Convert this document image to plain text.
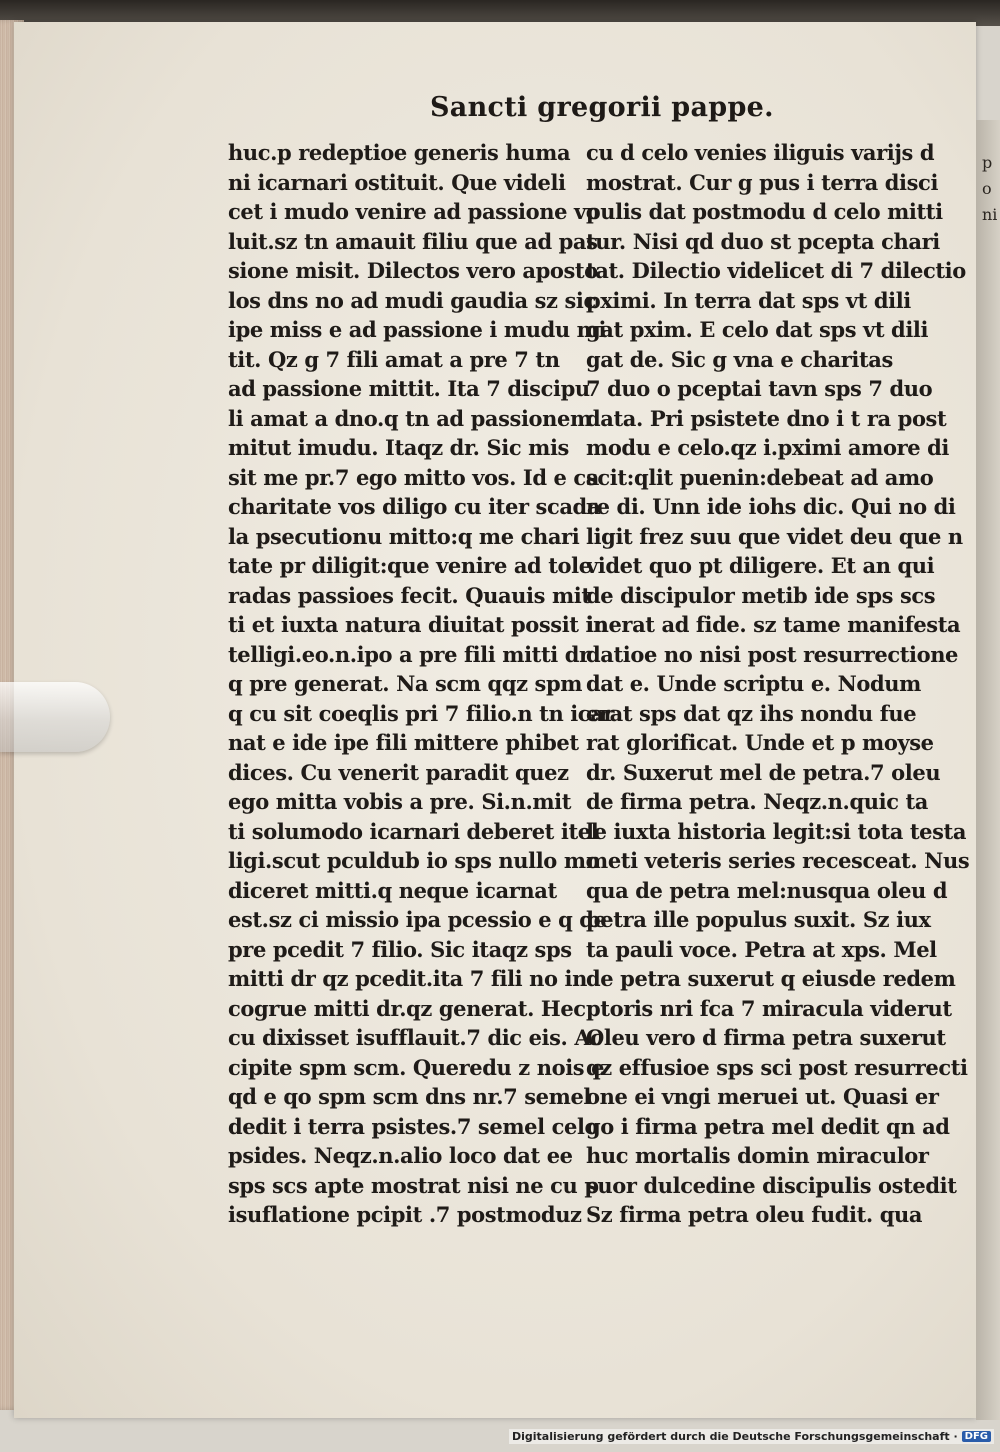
poni
Sancti gregorii pappe.
huc.p redeptioe generis huma
ni icarnari ostituit. Que videli
cet i mudo venire ad passione vo
luit.sz tn amauit filiu que ad pas
sione misit. Dilectos vero aposto
los dns no ad mudi gaudia sz sic
ipe miss e ad passione i mudu mi
tit. Qz g 7 fili amat a pre 7 tn
ad passione mittit. Ita 7 discipu
li amat a dno.q tn ad passionem
mitut imudu. Itaqz dr. Sic mis
sit me pr.7 ego mitto vos. Id e ca
charitate vos diligo cu iter scada
la psecutionu mitto:q me chari
tate pr diligit:que venire ad tole
radas passioes fecit. Quauis mit
ti et iuxta natura diuitat possit in
telligi.eo.n.ipo a pre fili mitti dr
q pre generat. Na scm qqz spm
q cu sit coeqlis pri 7 filio.n tn icar
nat e ide ipe fili mittere phibet
dices. Cu venerit paradit quez
ego mitta vobis a pre. Si.n.mit
ti solumodo icarnari deberet itel
ligi.scut pculdub io sps nullo mo
diceret mitti.q neque icarnat
est.sz ci missio ipa pcessio e q de
pre pcedit 7 filio. Sic itaqz sps
mitti dr qz pcedit.ita 7 fili no in
cogrue mitti dr.qz generat. Hec
cu dixisset isufflauit.7 dic eis. Ac
cipite spm scm. Queredu z nois e
qd e qo spm scm dns nr.7 semel
dedit i terra psistes.7 semel celo
psides. Neqz.n.alio loco dat ee
sps scs apte mostrat nisi ne cu p
isuflatione pcipit .7 postmoduz
cu d celo venies iliguis varijs d
mostrat. Cur g pus i terra disci
pulis dat postmodu d celo mitti
tur. Nisi qd duo st pcepta chari
tat. Dilectio videlicet di 7 dilectio
pximi. In terra dat sps vt dili
gat pxim. E celo dat sps vt dili
gat de. Sic g vna e charitas
7 duo o pceptai tavn sps 7 duo
data. Pri psistete dno i t ra post
modu e celo.qz i.pximi amore di
scit:qlit puenin:debeat ad amo
re di. Unn ide iohs dic. Qui no di
ligit frez suu que videt deu que n
videt quo pt diligere. Et an qui
de discipulor metib ide sps scs
inerat ad fide. sz tame manifesta
datioe no nisi post resurrectione
dat e. Unde scriptu e. Nodum
erat sps dat qz ihs nondu fue
rat glorificat. Unde et p moyse
dr. Suxerut mel de petra.7 oleu
de firma petra. Neqz.n.quic ta
le iuxta historia legit:si tota testa
meti veteris series recesceat. Nus
qua de petra mel:nusqua oleu d
petra ille populus suxit. Sz iux
ta pauli voce. Petra at xps. Mel
de petra suxerut q eiusde redem
ptoris nri fca 7 miracula viderut
Oleu vero d firma petra suxerut
qz effusioe sps sci post resurrecti
one ei vngi meruei ut. Quasi er
go i firma petra mel dedit qn ad
huc mortalis domin miraculor
suor dulcedine discipulis ostedit
Sz firma petra oleu fudit. qua
Digitalisierung gefördert durch die Deutsche Forschungsgemeinschaft · DFG
